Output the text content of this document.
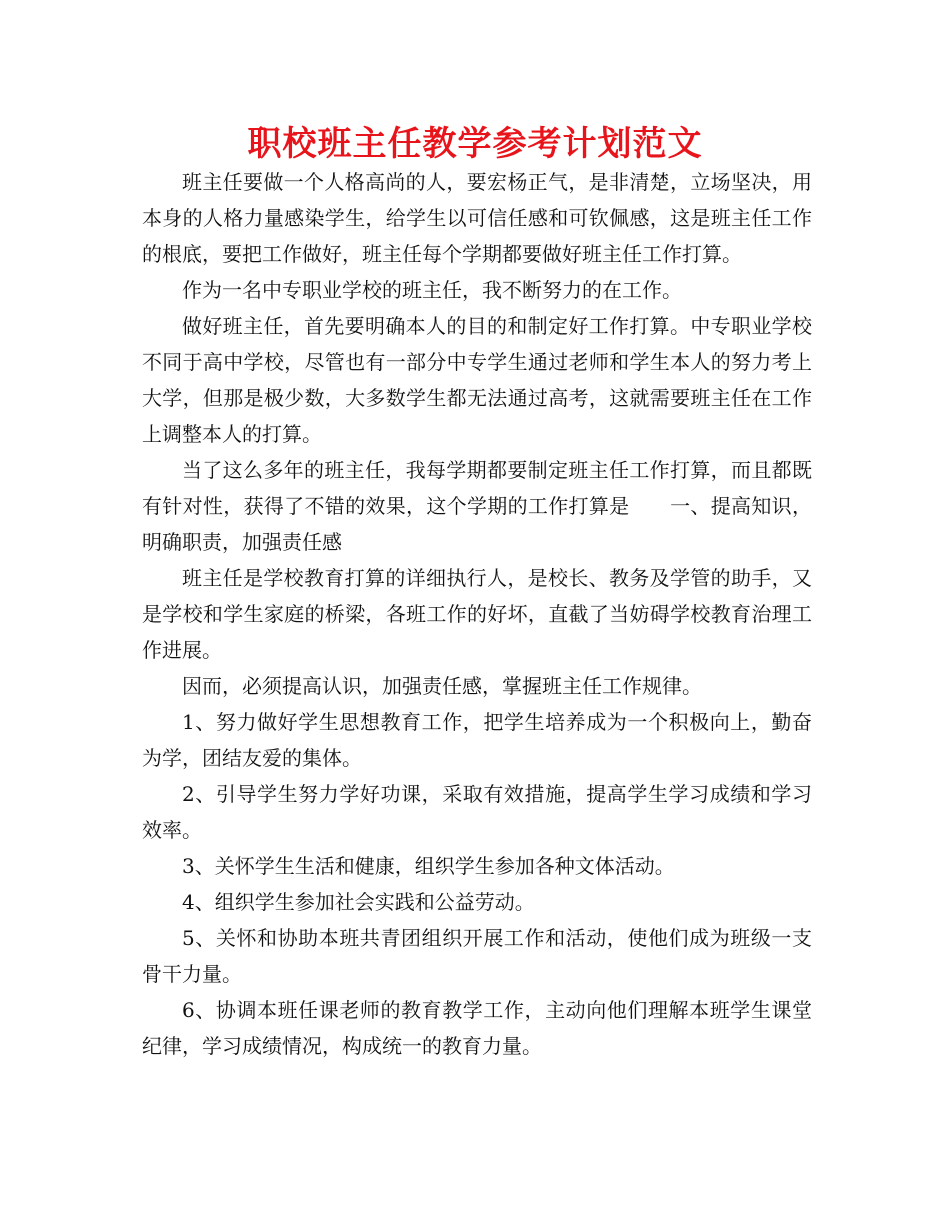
职校班主任教学参考计划范文

班主任要做一个人格高尚的人，要宏杨正气，是非清楚，立场坚决，用本身的人格力量感染学生，给学生以可信任感和可钦佩感，这是班主任工作的根底，要把工作做好，班主任每个学期都要做好班主任工作打算。

作为一名中专职业学校的班主任，我不断努力的在工作。

做好班主任，首先要明确本人的目的和制定好工作打算。中专职业学校不同于高中学校，尽管也有一部分中专学生通过老师和学生本人的努力考上大学，但那是极少数，大多数学生都无法通过高考，这就需要班主任在工作上调整本人的打算。

当了这么多年的班主任，我每学期都要制定班主任工作打算，而且都既有针对性，获得了不错的效果，这个学期的工作打算是　　一、提高知识，明确职责，加强责任感

班主任是学校教育打算的详细执行人，是校长、教务及学管的助手，又是学校和学生家庭的桥梁，各班工作的好坏，直截了当妨碍学校教育治理工作进展。

因而，必须提高认识，加强责任感，掌握班主任工作规律。

1、努力做好学生思想教育工作，把学生培养成为一个积极向上，勤奋为学，团结友爱的集体。

2、引导学生努力学好功课，采取有效措施，提高学生学习成绩和学习效率。

3、关怀学生生活和健康，组织学生参加各种文体活动。

4、组织学生参加社会实践和公益劳动。

5、关怀和协助本班共青团组织开展工作和活动，使他们成为班级一支骨干力量。

6、协调本班任课老师的教育教学工作，主动向他们理解本班学生课堂纪律，学习成绩情况，构成统一的教育力量。
